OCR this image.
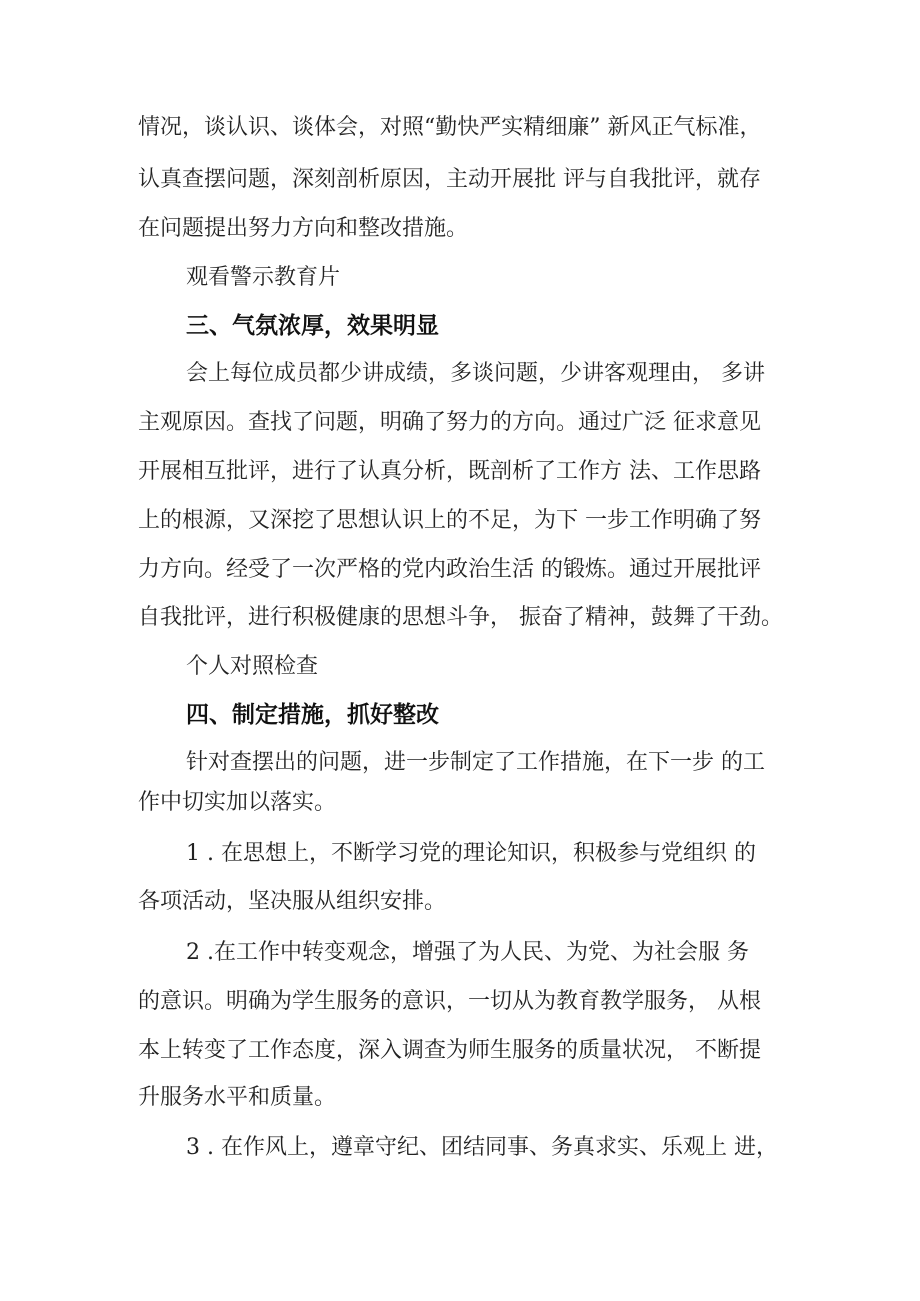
情况，谈认识、谈体会，对照“勤快严实精细廉” 新风正气标准，
认真查摆问题，深刻剖析原因，主动开展批 评与自我批评，就存
在问题提出努力方向和整改措施。
观看警示教育片
三、气氛浓厚，效果明显
会上每位成员都少讲成绩，多谈问题，少讲客观理由， 多讲
主观原因。查找了问题，明确了努力的方向。通过广泛 征求意见
开展相互批评，进行了认真分析，既剖析了工作方 法、工作思路
上的根源，又深挖了思想认识上的不足，为下 一步工作明确了努
力方向。经受了一次严格的党内政治生活 的锻炼。通过开展批评
自我批评，进行积极健康的思想斗争， 振奋了精神，鼓舞了干劲。
个人对照检查
四、制定措施，抓好整改
针对查摆出的问题，进一步制定了工作措施，在下一步 的工
作中切实加以落实。
1 . 在思想上，不断学习党的理论知识，积极参与党组织 的
各项活动，坚决服从组织安排。
2 .在工作中转变观念，增强了为人民、为党、为社会服 务
的意识。明确为学生服务的意识，一切从为教育教学服务， 从根
本上转变了工作态度，深入调查为师生服务的质量状况， 不断提
升服务水平和质量。
3 . 在作风上，遵章守纪、团结同事、务真求实、乐观上 进，
